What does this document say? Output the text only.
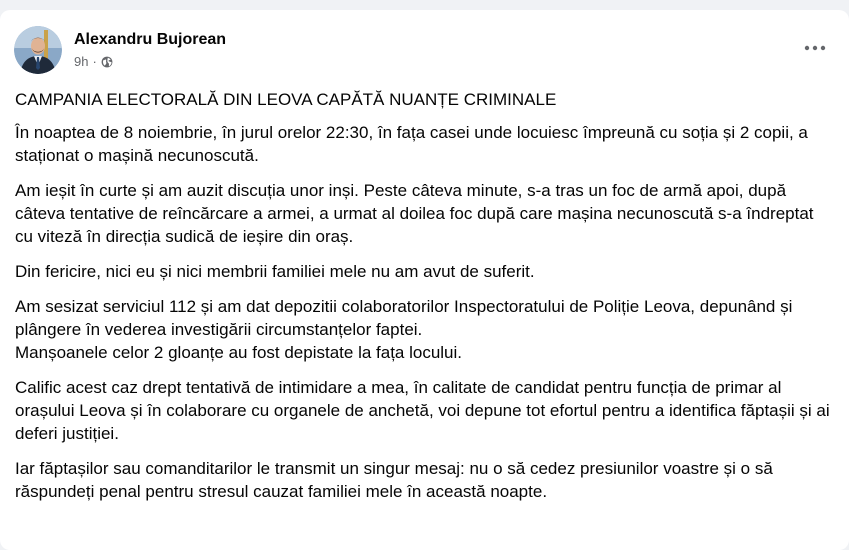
Alexandru Bujorean
9h ·

CAMPANIA ELECTORALĂ DIN LEOVA CAPĂTĂ NUANȚE CRIMINALE

În noaptea de 8 noiembrie, în jurul orelor 22:30, în fața casei unde locuiesc împreună cu soția și 2 copii, a staționat o mașină necunoscută.

Am ieșit în curte și am auzit discuția unor inși. Peste câteva minute, s-a tras un foc de armă apoi, după câteva tentative de reîncărcare a armei, a urmat al doilea foc după care mașina necunoscută s-a îndreptat cu viteză în direcția sudică de ieșire din oraș.

Din fericire, nici eu și nici membrii familiei mele nu am avut de suferit.

Am sesizat serviciul 112 și am dat depozitii colaboratorilor Inspectoratului de Poliție Leova, depunând și plângere în vederea investigării circumstanțelor faptei.

Manșoanele celor 2 gloanțe au fost depistate la fața locului.

Calific acest caz drept tentativă de intimidare a mea, în calitate de candidat pentru funcția de primar al orașului Leova și în colaborare cu organele de anchetă, voi depune tot efortul pentru a identifica făptașii și ai deferi justiției.

Iar făptașilor sau comanditarilor le transmit un singur mesaj: nu o să cedez presiunilor voastre și o să răspundeți penal pentru stresul cauzat familiei mele în această noapte.
